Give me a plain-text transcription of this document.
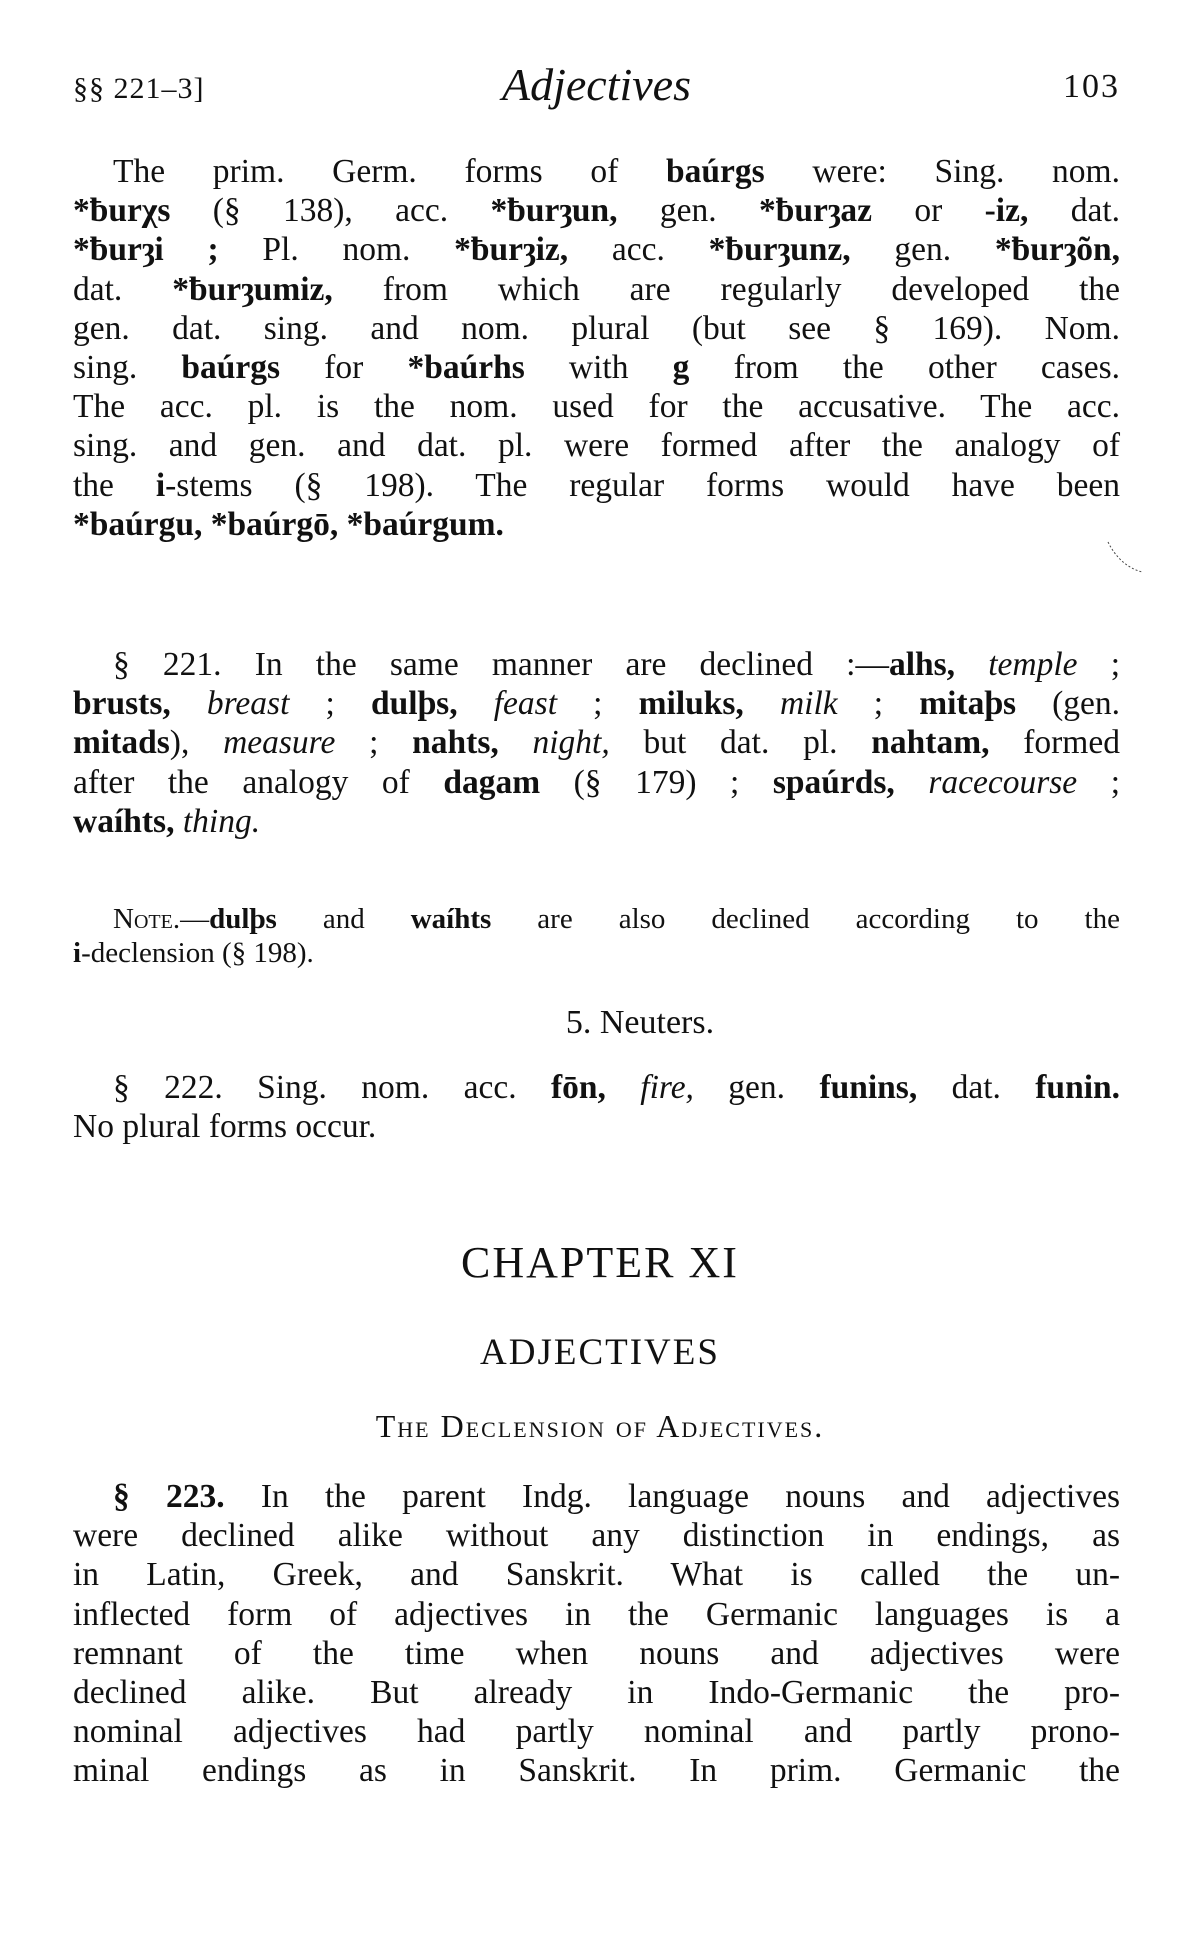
§§ 221–3]	Adjectives	103
The prim. Germ. forms of baúrgs were: Sing. nom.
*ƀurχs (§ 138), acc. *ƀurȝun, gen. *ƀurȝaz or -iz, dat.
*ƀurȝi ; Pl. nom. *ƀurȝiz, acc. *ƀurȝunz, gen. *ƀurȝõn,
dat. *ƀurȝumiz, from which are regularly developed the
gen. dat. sing. and nom. plural (but see § 169). Nom.
sing. baúrgs for *baúrhs with g from the other cases.
The acc. pl. is the nom. used for the accusative. The acc.
sing. and gen. and dat. pl. were formed after the analogy of
the i-stems (§ 198). The regular forms would have been
*baúrgu, *baúrgō, *baúrgum.
§ 221. In the same manner are declined :—alhs, temple ;
brusts, breast ; dulþs, feast ; miluks, milk ; mitaþs (gen.
mitads), measure ; nahts, night, but dat. pl. nahtam, formed
after the analogy of dagam (§ 179) ; spaúrds, racecourse ;
waíhts, thing.
Note.—dulþs and waíhts are also declined according to the
i-declension (§ 198).
5. Neuters.
§ 222. Sing. nom. acc. fōn, fire, gen. funins, dat. funin.
No plural forms occur.
CHAPTER XI
ADJECTIVES
The Declension of Adjectives.
§ 223. In the parent Indg. language nouns and adjectives
were declined alike without any distinction in endings, as
in Latin, Greek, and Sanskrit. What is called the un-
inflected form of adjectives in the Germanic languages is a
remnant of the time when nouns and adjectives were
declined alike. But already in Indo-Germanic the pro-
nominal adjectives had partly nominal and partly prono-
minal endings as in Sanskrit. In prim. Germanic the
